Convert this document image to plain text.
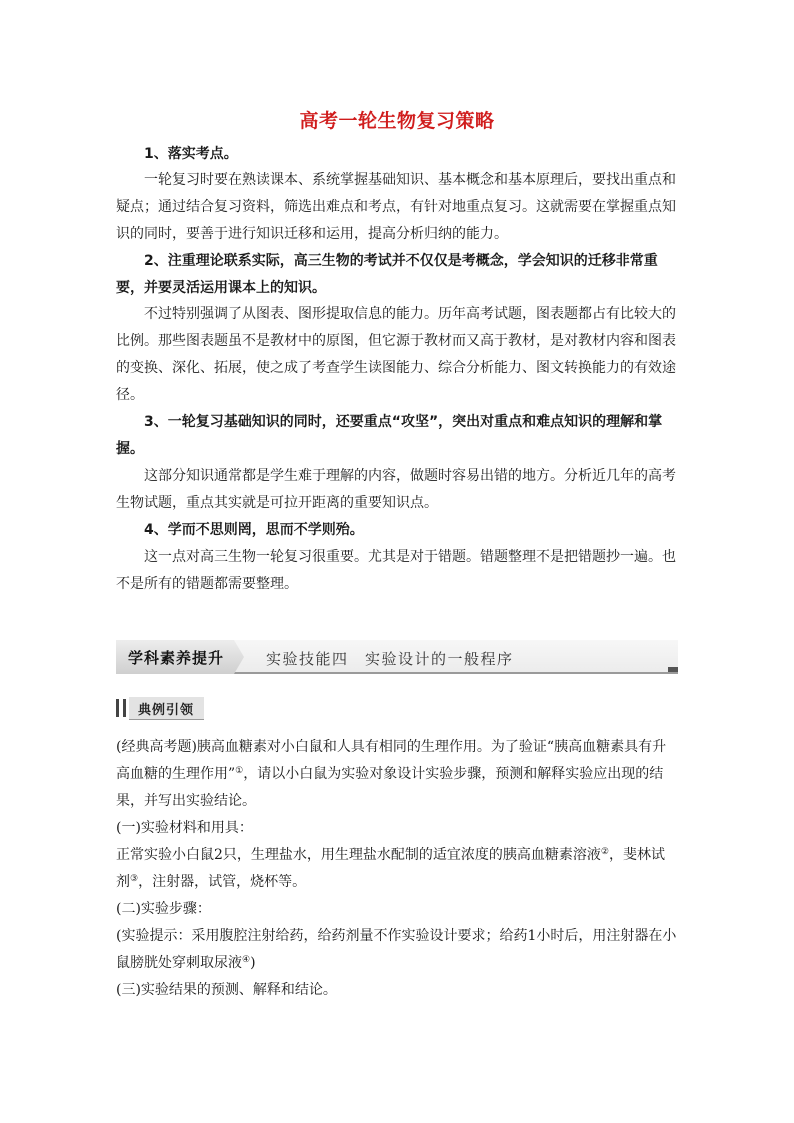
高考一轮生物复习策略

1、落实考点。

一轮复习时要在熟读课本、系统掌握基础知识、基本概念和基本原理后，要找出重点和疑点；通过结合复习资料，筛选出难点和考点，有针对地重点复习。这就需要在掌握重点知识的同时，要善于进行知识迁移和运用，提高分析归纳的能力。

2、注重理论联系实际，高三生物的考试并不仅仅是考概念，学会知识的迁移非常重要，并要灵活运用课本上的知识。

不过特别强调了从图表、图形提取信息的能力。历年高考试题，图表题都占有比较大的比例。那些图表题虽不是教材中的原图，但它源于教材而又高于教材，是对教材内容和图表的变换、深化、拓展，使之成了考查学生读图能力、综合分析能力、图文转换能力的有效途径。

3、一轮复习基础知识的同时，还要重点“攻坚”，突出对重点和难点知识的理解和掌握。

这部分知识通常都是学生难于理解的内容，做题时容易出错的地方。分析近几年的高考生物试题，重点其实就是可拉开距离的重要知识点。

4、学而不思则罔，思而不学则殆。

这一点对高三生物一轮复习很重要。尤其是对于错题。错题整理不是把错题抄一遍。也不是所有的错题都需要整理。

学科素养提升	实验技能四　实验设计的一般程序
典例引领

(经典高考题)胰高血糖素对小白鼠和人具有相同的生理作用。为了验证“胰高血糖素具有升高血糖的生理作用”①，请以小白鼠为实验对象设计实验步骤，预测和解释实验应出现的结果，并写出实验结论。

(一)实验材料和用具：

正常实验小白鼠2只，生理盐水，用生理盐水配制的适宜浓度的胰高血糖素溶液②，斐林试剂③，注射器，试管，烧杯等。

(二)实验步骤：

(实验提示：采用腹腔注射给药，给药剂量不作实验设计要求；给药1小时后，用注射器在小鼠膀胱处穿刺取尿液④)

(三)实验结果的预测、解释和结论。
